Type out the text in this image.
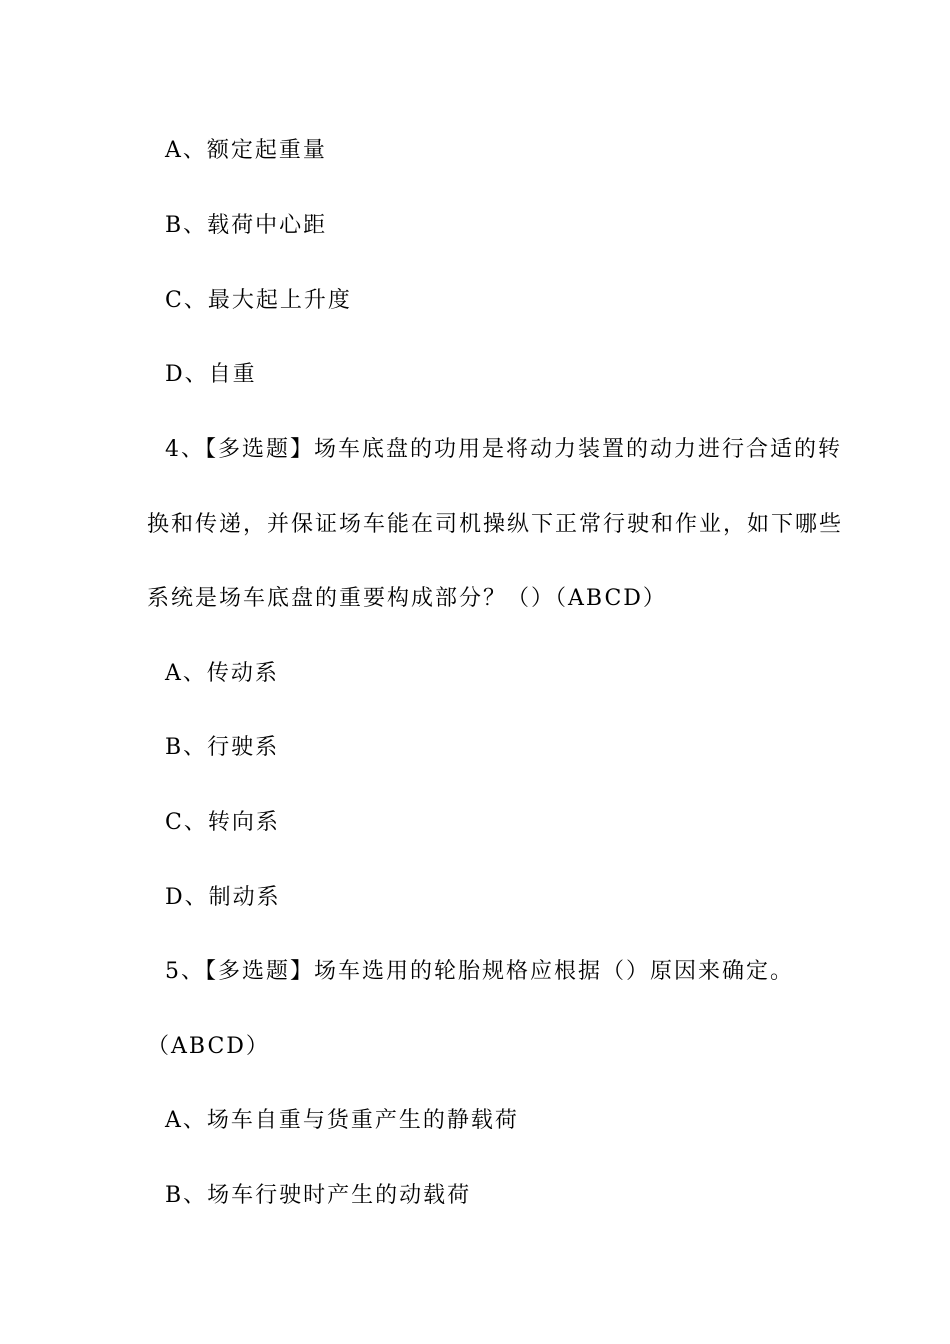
A、额定起重量
B、载荷中心距
C、最大起上升度
D、自重
4、【多选题】场车底盘的功用是将动力装置的动力进行合适的转
换和传递，并保证场车能在司机操纵下正常行驶和作业，如下哪些
系统是场车底盘的重要构成部分？（）（ABCD）
A、传动系
B、行驶系
C、转向系
D、制动系
5、【多选题】场车选用的轮胎规格应根据（）原因来确定。
（ABCD）
A、场车自重与货重产生的静载荷
B、场车行驶时产生的动载荷
